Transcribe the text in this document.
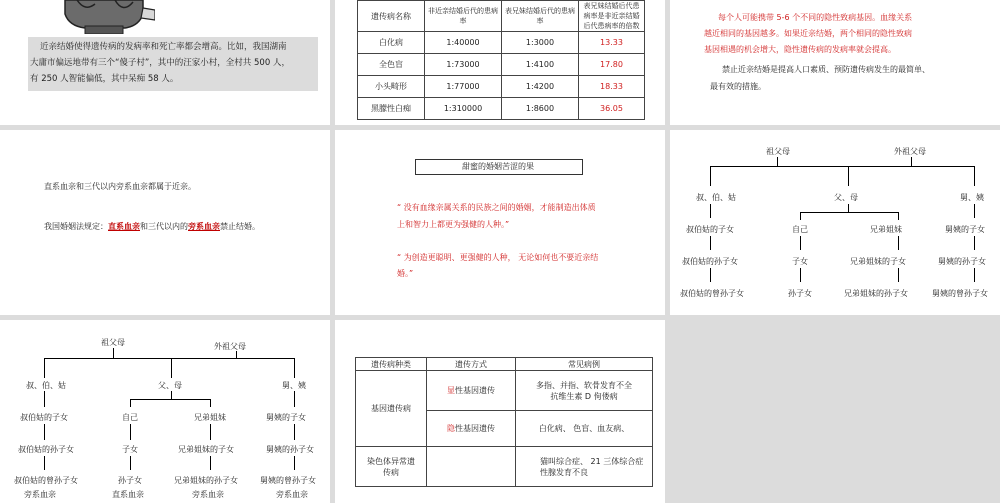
近亲结婚使得遗传病的发病率和死亡率都会增高。比如，我国湖南
大庸市偏远地带有三个“傻子村”，其中的汪家小村，全村共 500 人，
有 250 人智能偏低，其中呆痴 58 人。
遗传病名称	非近亲结婚后代的患病率	表兄妹结婚后代的患病率	表兄妹结婚后代患病率是非近亲结婚后代患病率的倍数
白化病	1:40000	1:3000	13.33
全色盲	1:73000	1:4100	17.80
小头畸形	1:77000	1:4200	18.33
黑朦性白痴	1:310000	1:8600	36.05
每个人可能携带 5-6 个不同的隐性致病基因。血缘关系
越近相同的基因越多。如果近亲结婚，两个相同的隐性致病
基因相遇的机会增大，隐性遗传病的发病率就会提高。
禁止近亲结婚是提高人口素质、预防遗传病发生的最简单、
最有效的措施。
直系血亲和三代以内旁系血亲都属于近亲。
我国婚姻法规定：直系血亲和三代以内的旁系血亲禁止结婚。
甜蜜的婚姻苦涩的果
“ 没有血缘亲属关系的民族之间的婚姻，才能制造出体质
上和智力上都更为强健的人种。”
“ 为创造更聪明、更强健的人种， 无论如何也不要近亲结
婚。”
祖父母	外祖父母
叔、伯、姑	父、母	舅、姨
叔伯姑的子女	自己	兄弟姐妹	舅姨的子女
叔伯姑的孙子女	子女	兄弟姐妹的子女	舅姨的孙子女
叔伯姑的曾孙子女	孙子女	兄弟姐妹的孙子女	舅姨的曾孙子女
祖父母	外祖父母
叔、伯、姑	父、母	舅、姨
叔伯姑的子女	自己	兄弟姐妹	舅姨的子女
叔伯姑的孙子女	子女	兄弟姐妹的子女	舅姨的孙子女
叔伯姑的曾孙子女	孙子女	兄弟姐妹的孙子女	舅姨的曾孙子女
旁系血亲	直系血亲	旁系血亲	旁系血亲
遗传病种类	遗传方式	常见病例
基因遗传病	显性基因遗传	多指、并指、软骨发育不全
抗维生素 D 佝偻病

	隐性基因遗传	白化病、 色盲、血友病、
染色体异常遗传病		猫叫综合症、 21 三体综合症
性腺发育不良
